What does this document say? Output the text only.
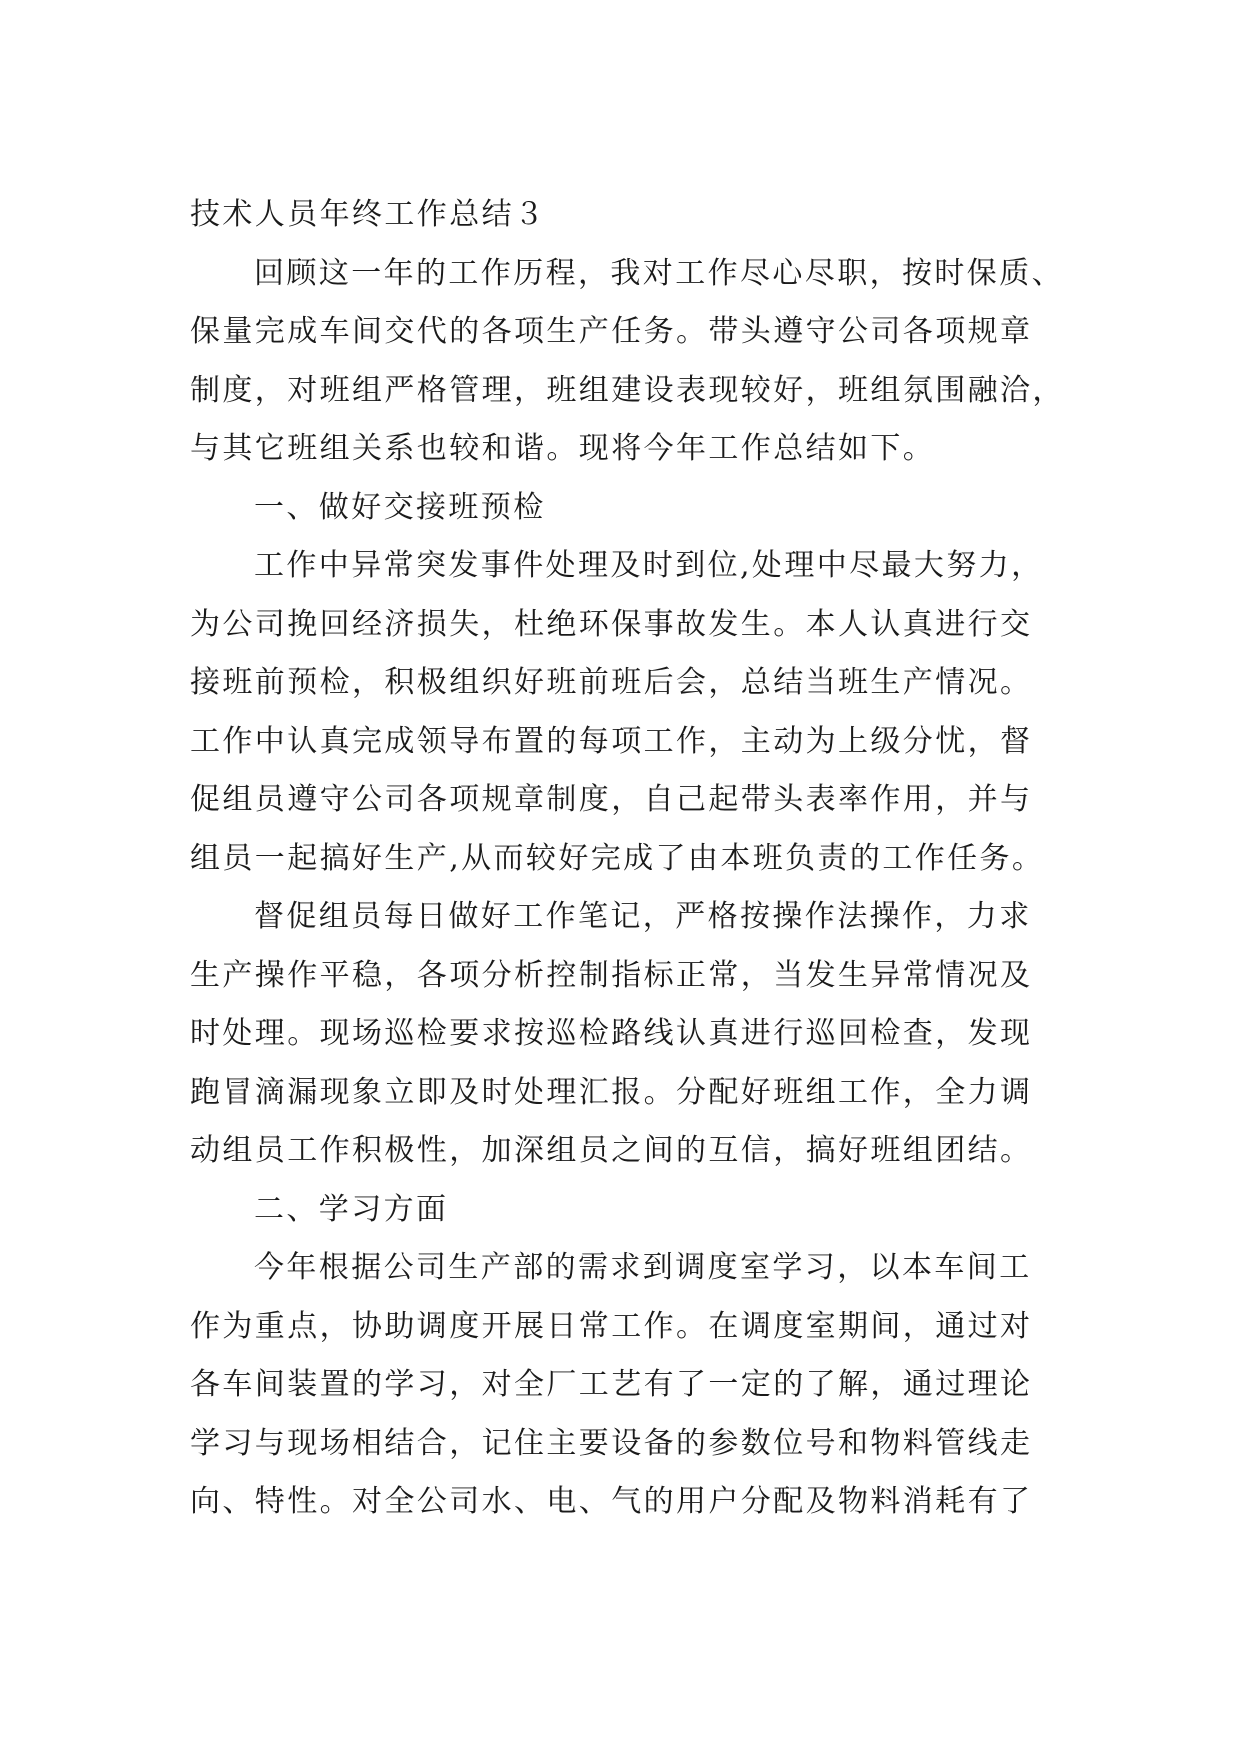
技术人员年终工作总结３
回顾这一年的工作历程，我对工作尽心尽职，按时保质、
保量完成车间交代的各项生产任务。带头遵守公司各项规章
制度，对班组严格管理，班组建设表现较好，班组氛围融洽，
与其它班组关系也较和谐。现将今年工作总结如下。
一、做好交接班预检
工作中异常突发事件处理及时到位,处理中尽最大努力，
为公司挽回经济损失，杜绝环保事故发生。本人认真进行交
接班前预检，积极组织好班前班后会，总结当班生产情况。
工作中认真完成领导布置的每项工作，主动为上级分忧，督
促组员遵守公司各项规章制度，自己起带头表率作用，并与
组员一起搞好生产,从而较好完成了由本班负责的工作任务。
督促组员每日做好工作笔记，严格按操作法操作，力求
生产操作平稳，各项分析控制指标正常，当发生异常情况及
时处理。现场巡检要求按巡检路线认真进行巡回检查，发现
跑冒滴漏现象立即及时处理汇报。分配好班组工作，全力调
动组员工作积极性，加深组员之间的互信，搞好班组团结。
二、学习方面
今年根据公司生产部的需求到调度室学习，以本车间工
作为重点，协助调度开展日常工作。在调度室期间，通过对
各车间装置的学习，对全厂工艺有了一定的了解，通过理论
学习与现场相结合，记住主要设备的参数位号和物料管线走
向、特性。对全公司水、电、气的用户分配及物料消耗有了
